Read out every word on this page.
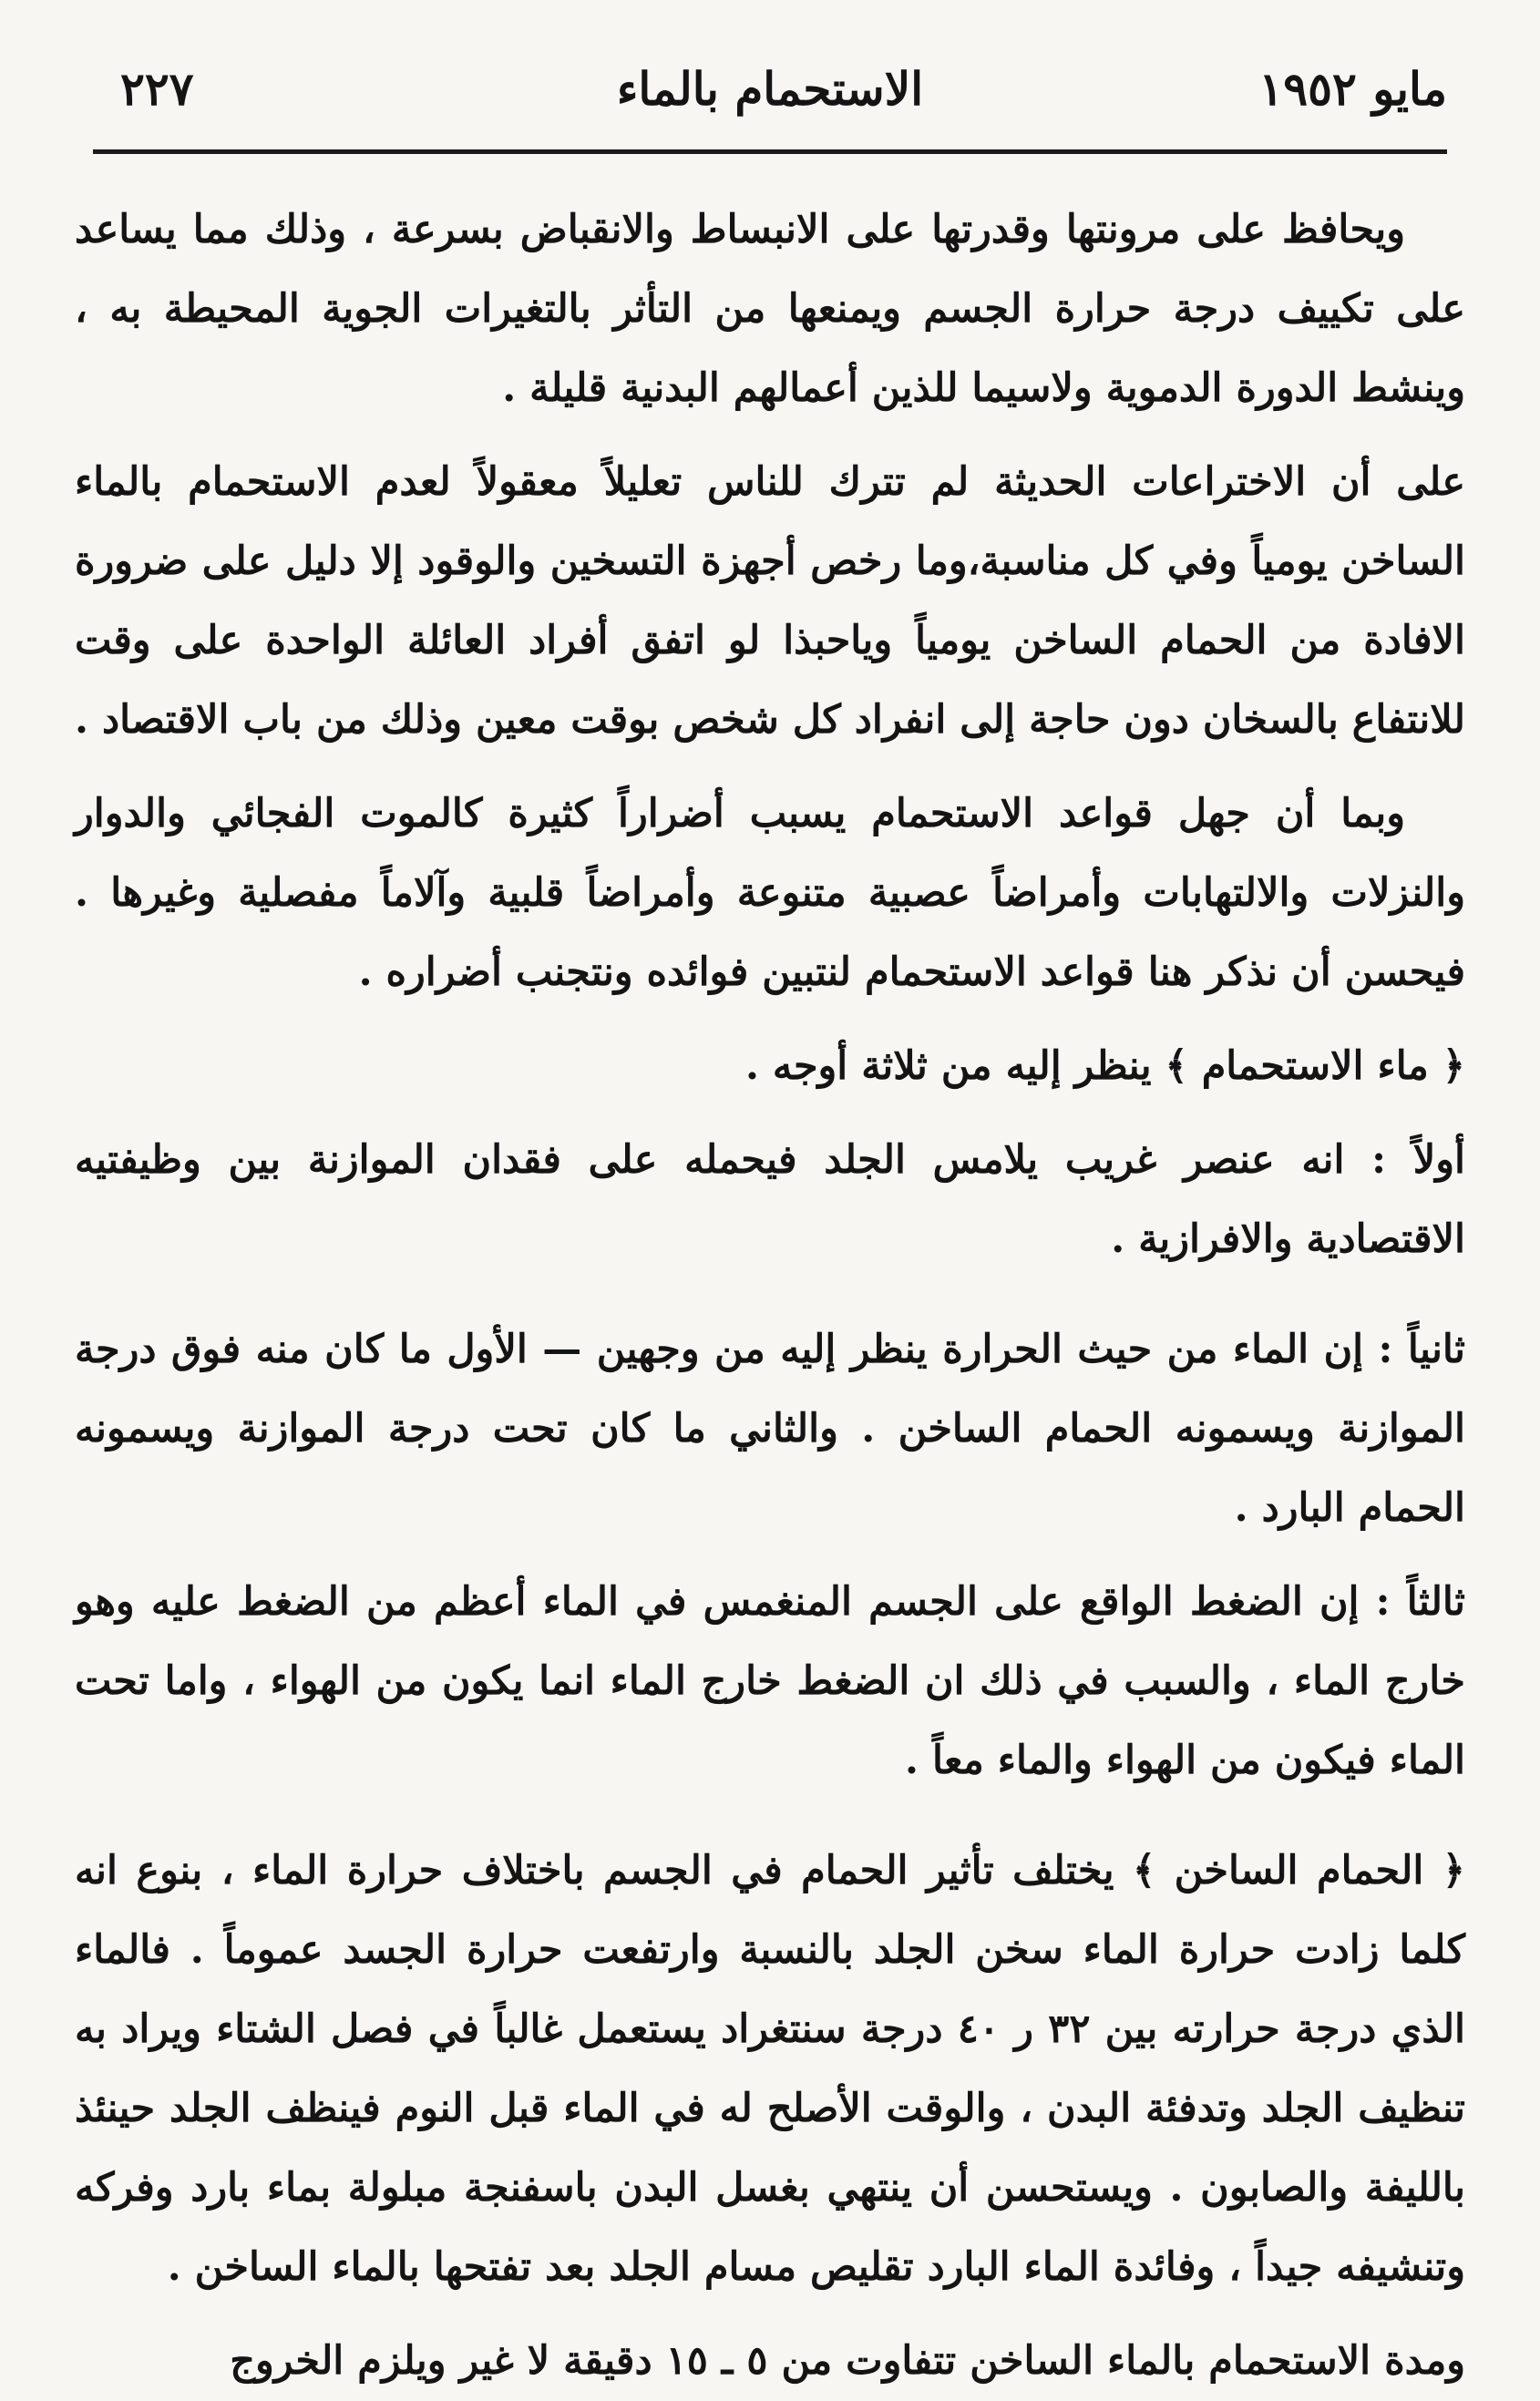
مايو ١٩٥٢
الاستحمام بالماء
٢٢٧

ويحافظ على مرونتها وقدرتها على الانبساط والانقباض بسرعة ، وذلك مما يساعد على تكييف درجة حرارة الجسم ويمنعها من التأثر بالتغيرات الجوية المحيطة به ، وينشط الدورة الدموية ولاسيما للذين أعمالهم البدنية قليلة .

على أن الاختراعات الحديثة لم تترك للناس تعليلاً معقولاً لعدم الاستحمام بالماء الساخن يومياً وفي كل مناسبة،وما رخص أجهزة التسخين والوقود إلا دليل على ضرورة الافادة من الحمام الساخن يومياً وياحبذا لو اتفق أفراد العائلة الواحدة على وقت للانتفاع بالسخان دون حاجة إلى انفراد كل شخص بوقت معين وذلك من باب الاقتصاد .

وبما أن جهل قواعد الاستحمام يسبب أضراراً كثيرة كالموت الفجائي والدوار والنزلات والالتهابات وأمراضاً عصبية متنوعة وأمراضاً قلبية وآلاماً مفصلية وغيرها . فيحسن أن نذكر هنا قواعد الاستحمام لنتبين فوائده ونتجنب أضراره .

﴿ ماء الاستحمام ﴾ ينظر إليه من ثلاثة أوجه .

أولاً : انه عنصر غريب يلامس الجلد فيحمله على فقدان الموازنة بين وظيفتيه الاقتصادية والافرازية .

ثانياً : إن الماء من حيث الحرارة ينظر إليه من وجهين — الأول ما كان منه فوق درجة الموازنة ويسمونه الحمام الساخن . والثاني ما كان تحت درجة الموازنة ويسمونه الحمام البارد .

ثالثاً : إن الضغط الواقع على الجسم المنغمس في الماء أعظم من الضغط عليه وهو خارج الماء ، والسبب في ذلك ان الضغط خارج الماء انما يكون من الهواء ، واما تحت الماء فيكون من الهواء والماء معاً .

﴿ الحمام الساخن ﴾ يختلف تأثير الحمام في الجسم باختلاف حرارة الماء ، بنوع انه كلما زادت حرارة الماء سخن الجلد بالنسبة وارتفعت حرارة الجسد عموماً . فالماء الذي درجة حرارته بين ٣٢ ر ٤٠ درجة سنتغراد يستعمل غالباً في فصل الشتاء ويراد به تنظيف الجلد وتدفئة البدن ، والوقت الأصلح له في الماء قبل النوم فينظف الجلد حينئذ بالليفة والصابون . ويستحسن أن ينتهي بغسل البدن باسفنجة مبلولة بماء بارد وفركه وتنشيفه جيداً ، وفائدة الماء البارد تقليص مسام الجلد بعد تفتحها بالماء الساخن .

ومدة الاستحمام بالماء الساخن تتفاوت من ٥ ـ ١٥ دقيقة لا غير ويلزم الخروج
